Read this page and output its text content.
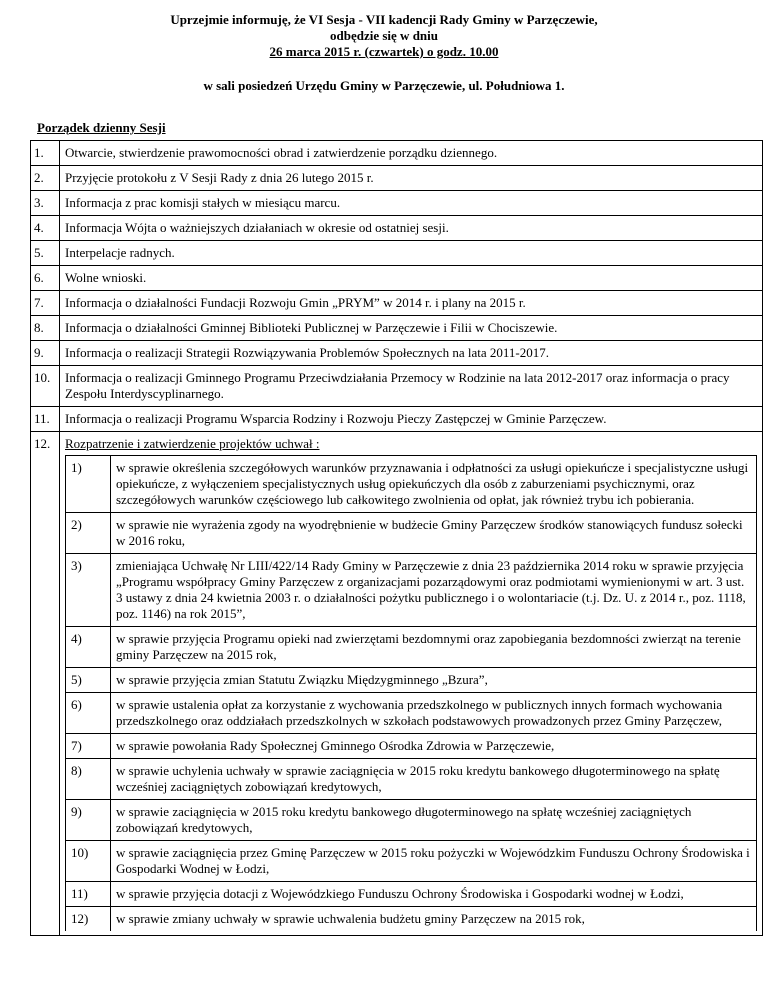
Uprzejmie informuję, że VI Sesja - VII kadencji Rady Gminy w Parzęczewie,
odbędzie się w dniu
26 marca 2015 r. (czwartek) o godz. 10.00
w sali posiedzeń Urzędu Gminy w Parzęczewie, ul. Południowa 1.
Porządek dzienny Sesji
1.	Otwarcie, stwierdzenie prawomocności obrad i zatwierdzenie porządku dziennego.
2.	Przyjęcie protokołu z V Sesji Rady z dnia 26 lutego 2015 r.
3.	Informacja z prac komisji stałych w miesiącu marcu.
4.	Informacja Wójta o ważniejszych działaniach w okresie od ostatniej sesji.
5.	Interpelacje radnych.
6.	Wolne wnioski.
7.	Informacja o działalności Fundacji Rozwoju Gmin „PRYM” w 2014 r. i plany na 2015 r.
8.	Informacja o działalności Gminnej Biblioteki Publicznej w Parzęczewie i Filii w Chociszewie.
9.	Informacja o realizacji Strategii Rozwiązywania Problemów Społecznych na lata 2011-2017.
10.	Informacja o realizacji Gminnego Programu Przeciwdziałania Przemocy w Rodzinie na lata 2012-2017 oraz informacja o pracy Zespołu Interdyscyplinarnego.
11.	Informacja o realizacji Programu Wsparcia Rodziny i Rozwoju Pieczy Zastępczej w Gminie Parzęczew.
12.	Rozpatrzenie i zatwierdzenie projektów uchwał :
1)	w sprawie określenia szczegółowych warunków przyznawania i odpłatności za usługi opiekuńcze i specjalistyczne usługi opiekuńcze, z wyłączeniem specjalistycznych usług opiekuńczych dla osób z zaburzeniami psychicznymi, oraz szczegółowych warunków częściowego lub całkowitego zwolnienia od opłat, jak również trybu ich pobierania.
2)	w sprawie nie wyrażenia zgody na wyodrębnienie w budżecie Gminy Parzęczew środków stanowiących fundusz sołecki w 2016 roku,
3)	zmieniająca Uchwałę Nr LIII/422/14 Rady Gminy w Parzęczewie z dnia 23 października 2014 roku w sprawie przyjęcia „Programu współpracy Gminy Parzęczew z organizacjami pozarządowymi oraz podmiotami wymienionymi w art. 3 ust. 3 ustawy z dnia 24 kwietnia 2003 r. o działalności pożytku publicznego i o wolontariacie (t.j. Dz. U. z 2014 r., poz. 1118, poz. 1146) na rok 2015”,
4)	w sprawie przyjęcia Programu opieki nad zwierzętami bezdomnymi oraz zapobiegania bezdomności zwierząt na terenie gminy Parzęczew na 2015 rok,
5)	w sprawie przyjęcia zmian Statutu Związku Międzygminnego „Bzura”,
6)	w sprawie ustalenia opłat za korzystanie z wychowania przedszkolnego w publicznych innych formach wychowania przedszkolnego oraz oddziałach przedszkolnych w szkołach podstawowych prowadzonych przez Gminy Parzęczew,
7)	w sprawie powołania Rady Społecznej Gminnego Ośrodka Zdrowia w Parzęczewie,
8)	w sprawie uchylenia uchwały w sprawie zaciągnięcia w 2015 roku kredytu bankowego długoterminowego na spłatę wcześniej zaciągniętych zobowiązań kredytowych,
9)	w sprawie zaciągnięcia w 2015 roku kredytu bankowego długoterminowego na spłatę wcześniej zaciągniętych zobowiązań kredytowych,
10)	w sprawie zaciągnięcia przez Gminę Parzęczew w 2015 roku pożyczki w Wojewódzkim Funduszu Ochrony Środowiska i Gospodarki Wodnej w Łodzi,
11)	w sprawie przyjęcia dotacji z Wojewódzkiego Funduszu Ochrony Środowiska i Gospodarki wodnej w Łodzi,
12)	w sprawie zmiany uchwały w sprawie uchwalenia budżetu gminy Parzęczew na 2015 rok,
